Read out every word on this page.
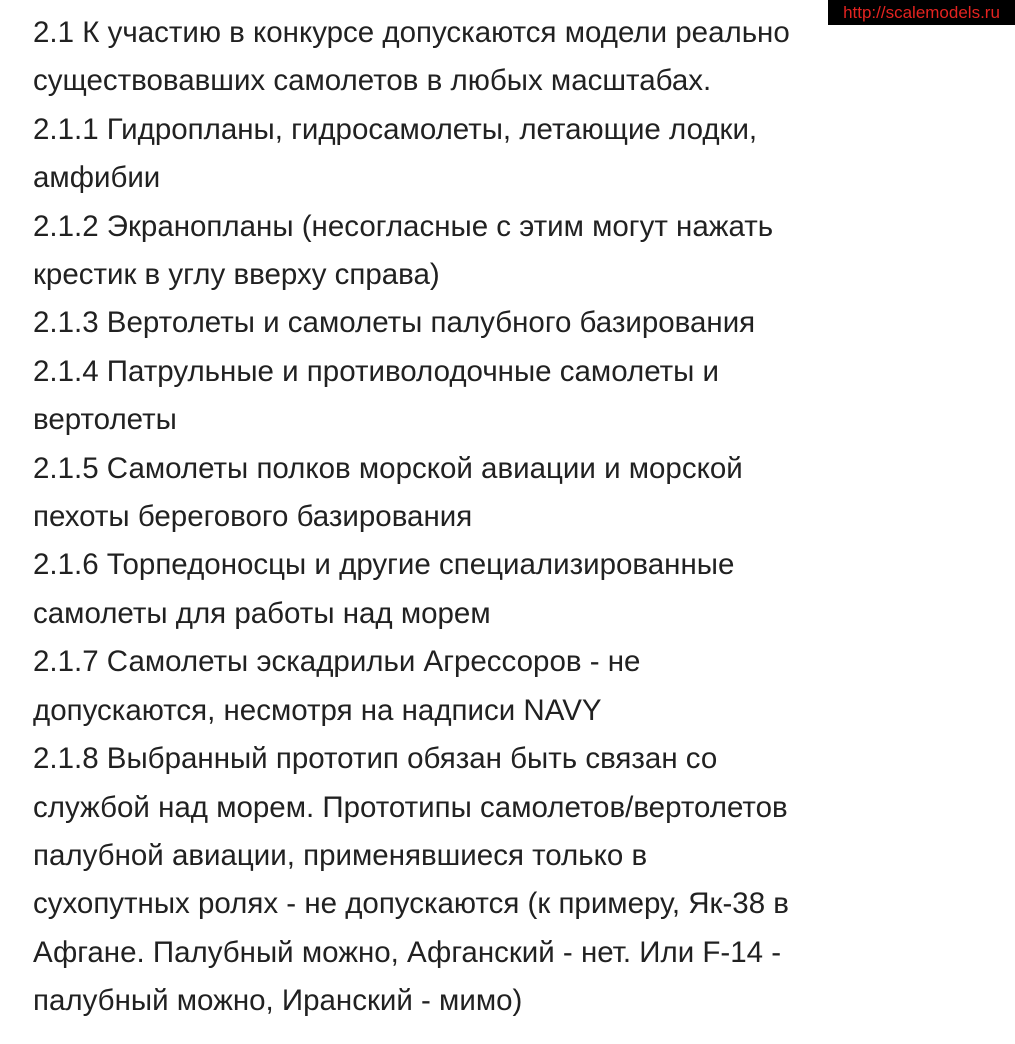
2.1 К участию в конкурсе допускаются модели реально
существовавших самолетов в любых масштабах.
2.1.1 Гидропланы, гидросамолеты, летающие лодки,
амфибии
2.1.2 Экранопланы (несогласные с этим могут нажать
крестик в углу вверху справа)
2.1.3 Вертолеты и самолеты палубного базирования
2.1.4 Патрульные и противолодочные самолеты и
вертолеты
2.1.5 Самолеты полков морской авиации и морской
пехоты берегового базирования
2.1.6 Торпедоносцы и другие специализированные
самолеты для работы над морем
2.1.7 Самолеты эскадрильи Агрессоров - не
допускаются, несмотря на надписи NAVY
2.1.8 Выбранный прототип обязан быть связан со
службой над морем. Прототипы самолетов/вертолетов
палубной авиации, применявшиеся только в
сухопутных ролях - не допускаются (к примеру, Як-38 в
Афгане. Палубный можно, Афганский - нет. Или F-14 -
палубный можно, Иранский - мимо)
http://scalemodels.ru
